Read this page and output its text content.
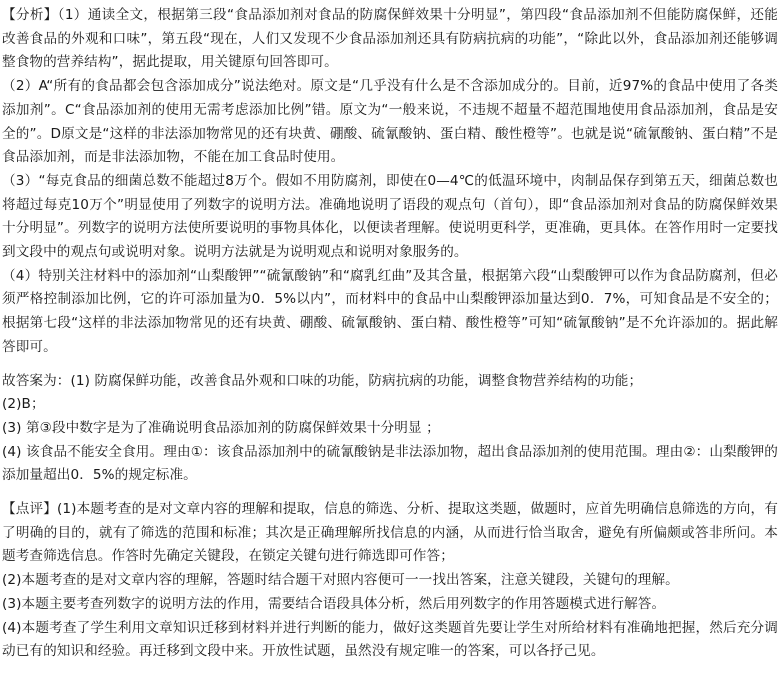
【分析】（1）通读全文，根据第三段“食品添加剂对食品的防腐保鲜效果十分明显”，第四段“食品添加剂不但能防腐保鲜，还能改善食品的外观和口味”，第五段“现在，人们又发现不少食品添加剂还具有防病抗病的功能”，“除此以外，食品添加剂还能够调整食物的营养结构”，据此提取，用关键原句回答即可。

（2）A“所有的食品都会包含添加成分”说法绝对。原文是“几乎没有什么是不含添加成分的。目前，近97%的食品中使用了各类添加剂”。C“食品添加剂的使用无需考虑添加比例”错。原文为“一般来说，不违规不超量不超范围地使用食品添加剂，食品是安全的”。D原文是“这样的非法添加物常见的还有块黄、硼酸、硫氰酸钠、蛋白精、酸性橙等”。也就是说“硫氰酸钠、蛋白精”不是食品添加剂，而是非法添加物，不能在加工食品时使用。

（3）“每克食品的细菌总数不能超过8万个。假如不用防腐剂，即使在0—4℃的低温环境中，肉制品保存到第五天，细菌总数也将超过每克10万个”明显使用了列数字的说明方法。准确地说明了语段的观点句（首句），即“食品添加剂对食品的防腐保鲜效果十分明显”。列数字的说明方法使所要说明的事物具体化，以便读者理解。使说明更科学，更准确，更具体。在答作用时一定要找到文段中的观点句或说明对象。说明方法就是为说明观点和说明对象服务的。

（4）特别关注材料中的添加剂“山梨酸钾”“硫氰酸钠”和“腐乳红曲”及其含量，根据第六段“山梨酸钾可以作为食品防腐剂，但必须严格控制添加比例，它的许可添加量为0．5%以内”，而材料中的食品中山梨酸钾添加量达到0．7%，可知食品是不安全的；根据第七段“这样的非法添加物常见的还有块黄、硼酸、硫氰酸钠、蛋白精、酸性橙等”可知“硫氰酸钠”是不允许添加的。据此解答即可。

故答案为：(1) 防腐保鲜功能，改善食品外观和口味的功能，防病抗病的功能，调整食物营养结构的功能；

(2)B；

(3) 第③段中数字是为了准确说明食品添加剂的防腐保鲜效果十分明显 ；

(4) 该食品不能安全食用。理由①：该食品添加剂中的硫氰酸钠是非法添加物，超出食品添加剂的使用范围。理由②：山梨酸钾的添加量超出0．5%的规定标准。

【点评】(1)本题考查的是对文章内容的理解和提取，信息的筛选、分析、提取这类题，做题时，应首先明确信息筛选的方向，有了明确的目的，就有了筛选的范围和标准；其次是正确理解所找信息的内涵，从而进行恰当取舍，避免有所偏颇或答非所问。本题考查筛选信息。作答时先确定关键段，在锁定关键句进行筛选即可作答；

(2)本题考查的是对文章内容的理解，答题时结合题干对照内容便可一一找出答案，注意关键段，关键句的理解。

(3)本题主要考查列数字的说明方法的作用，需要结合语段具体分析，然后用列数字的作用答题模式进行解答。

(4)本题考查了学生利用文章知识迁移到材料并进行判断的能力，做好这类题首先要让学生对所给材料有准确地把握，然后充分调动已有的知识和经验。再迁移到文段中来。开放性试题，虽然没有规定唯一的答案，可以各抒己见。
